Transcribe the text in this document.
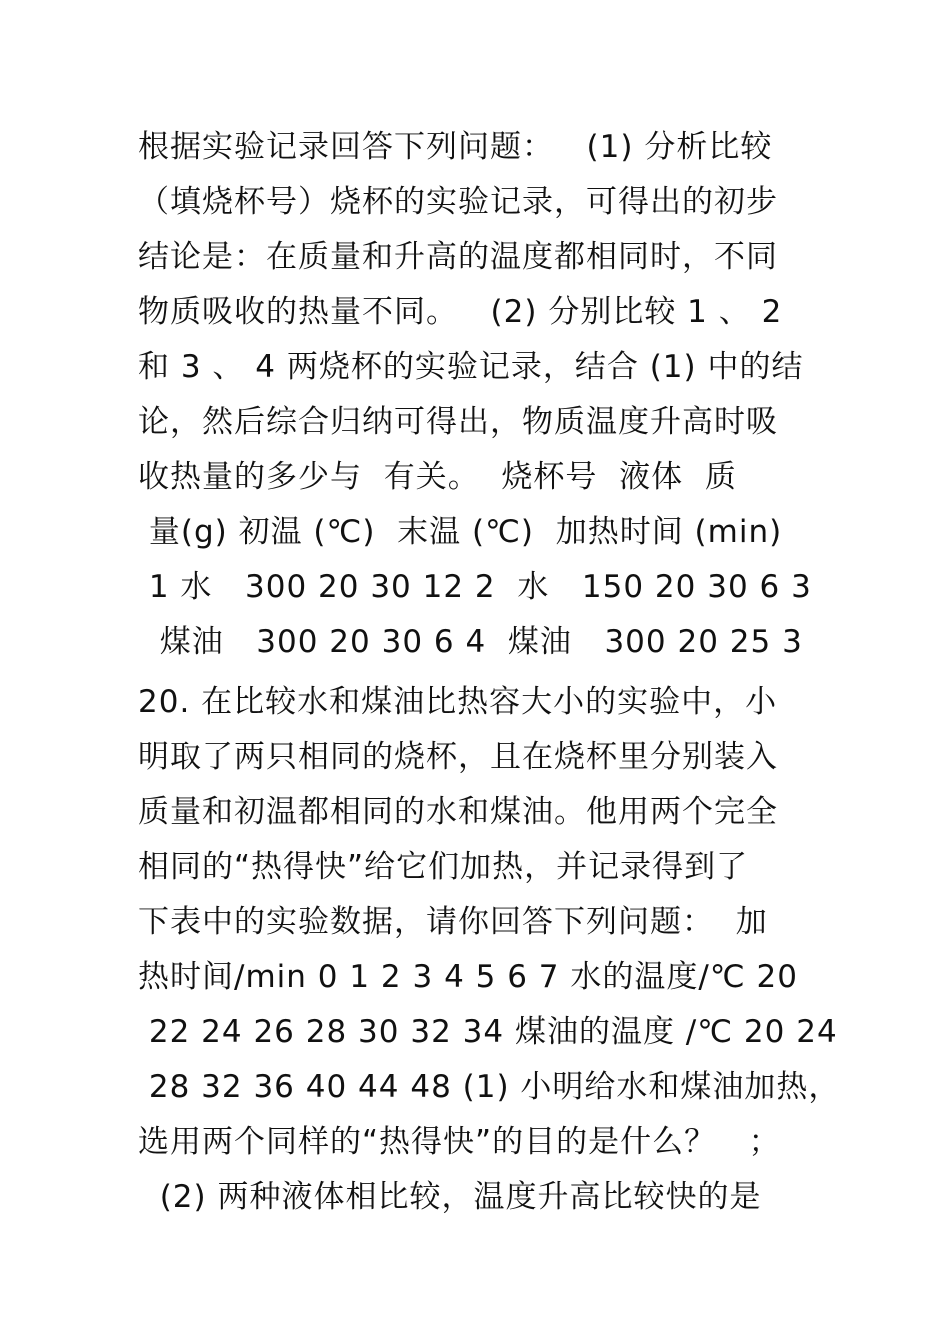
根据实验记录回答下列问题：   (1) 分析比较
（填烧杯号）烧杯的实验记录，可得出的初步
结论是：在质量和升高的温度都相同时，不同
物质吸收的热量不同。   (2) 分别比较 1 、 2
和 3 、 4 两烧杯的实验记录，结合 (1) 中的结
论，然后综合归纳可得出，物质温度升高时吸
收热量的多少与  有关。  烧杯号  液体  质
量(g) 初温 (℃)  末温 (℃)  加热时间 (min)
1 水   300 20 30 12 2  水   150 20 30 6 3
煤油   300 20 30 6 4  煤油   300 20 25 3
20. 在比较水和煤油比热容大小的实验中，小
明取了两只相同的烧杯，且在烧杯里分别装入
质量和初温都相同的水和煤油。他用两个完全
相同的“热得快”给它们加热，并记录得到了
下表中的实验数据，请你回答下列问题：  加
热时间/min 0 1 2 3 4 5 6 7 水的温度/℃ 20
22 24 26 28 30 32 34 煤油的温度 /℃ 20 24
28 32 36 40 44 48 (1) 小明给水和煤油加热，
选用两个同样的“热得快”的目的是什么？   ；
(2) 两种液体相比较，温度升高比较快的是
